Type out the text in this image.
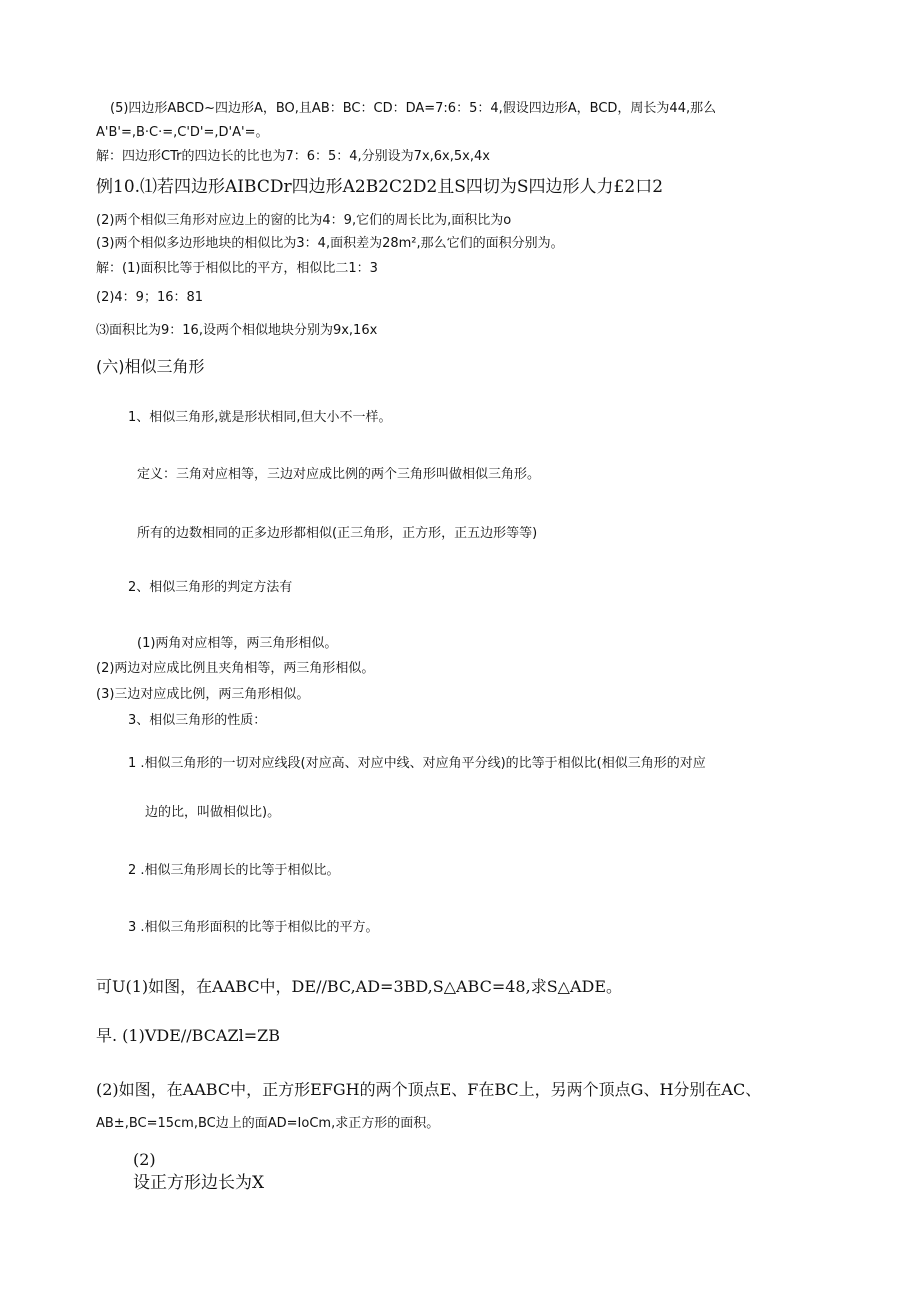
(5)四边形ABCD~四边形A，BO,且AB：BC：CD：DA=7:6：5：4,假设四边形A，BCD，周长为44,那么
A'B'=,B·C·=,C'D'=,D'A'=。
解：四边形CTr的四边长的比也为7：6：5：4,分别设为7x,6x,5x,4x
例10.⑴若四边形AIBCDr四边形A2B2C2D2且S四切为S四边形人力£2口2
(2)两个相似三角形对应边上的窗的比为4：9,它们的周长比为,面积比为o
(3)两个相似多边形地块的相似比为3：4,面积差为28m²,那么它们的面积分别为。
解：(1)面积比等于相似比的平方，相似比二1：3
(2)4：9；16：81
⑶面积比为9：16,设两个相似地块分别为9x,16x
(六)相似三角形
1、相似三角形,就是形状相同,但大小不一样。
定义：三角对应相等，三边对应成比例的两个三角形叫做相似三角形。
所有的边数相同的正多边形都相似(正三角形，正方形，正五边形等等)
2、相似三角形的判定方法有
(1)两角对应相等，两三角形相似。
(2)两边对应成比例且夹角相等，两三角形相似。
(3)三边对应成比例，两三角形相似。
3、相似三角形的性质：
1 .相似三角形的一切对应线段(对应高、对应中线、对应角平分线)的比等于相似比(相似三角形的对应
边的比，叫做相似比)。
2 .相似三角形周长的比等于相似比。
3 .相似三角形面积的比等于相似比的平方。
可U(1)如图，在AABC中，DE/∕BC,AD=3BD,S△ABC=48,求S△ADE。
早. (1)VDE//BCAZl=ZB
(2)如图，在AABC中，正方形EFGH的两个顶点E、F在BC上，另两个顶点G、H分别在AC、
AB±,BC=15cm,BC边上的面AD=IoCm,求正方形的面积。
(2)
设正方形边长为X
